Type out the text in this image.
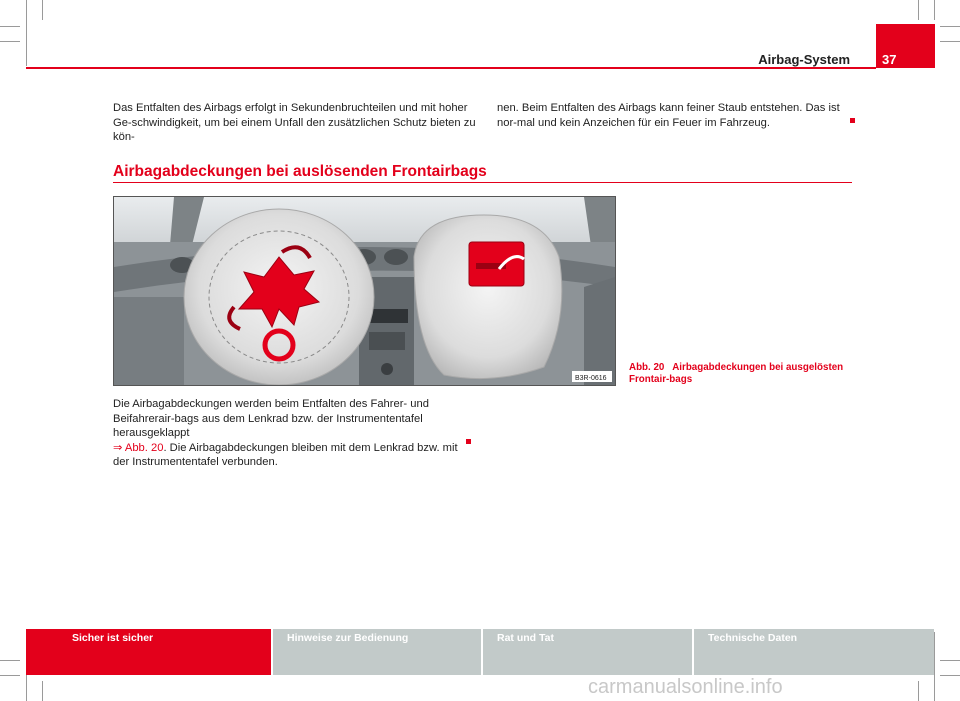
37
Airbag-System

Das Entfalten des Airbags erfolgt in Sekundenbruchteilen und mit hoher Ge-schwindigkeit, um bei einem Unfall den zusätzlichen Schutz bieten zu kön-

nen. Beim Entfalten des Airbags kann feiner Staub entstehen. Das ist nor-mal und kein Anzeichen für ein Feuer im Fahrzeug.

Airbagabdeckungen bei auslösenden Frontairbags
B3R-0616
Abb. 20 Airbagabdeckungen bei ausgelösten Frontair-bags

Die Airbagabdeckungen werden beim Entfalten des Fahrer- und Beifahrerair-bags aus dem Lenkrad bzw. der Instrumententafel herausgeklappt
⇒ Abb. 20. Die Airbagabdeckungen bleiben mit dem Lenkrad bzw. mit der Instrumententafel verbunden.

Sicher ist sicher	Hinweise zur Bedienung	Rat und Tat	Technische Daten
carmanualsonline.info
